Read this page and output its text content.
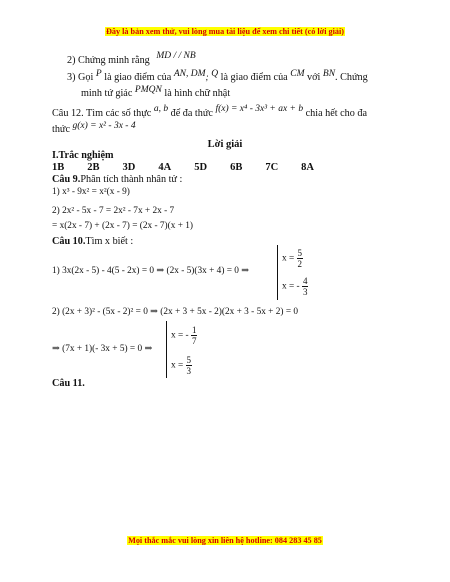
Đây là bản xem thử, vui lòng mua tài liệu để xem chi tiết (có lời giải)
2) Chứng minh rằng MD / / NB
3) Gọi P là giao điểm của AN, DM; Q là giao điểm của CM với BN. Chứng
minh tứ giác PMQN là hình chữ nhật
Câu 12. Tìm các số thực a, b để đa thức f(x) = x⁴ - 3x³ + ax + b chia hết cho đa
thức g(x) = x² - 3x - 4
Lời giải
I.Trắc nghiệm
1B 2B 3D 4A 5D 6B 7C 8A
Câu 9.Phân tích thành nhân tử :
1) x³ - 9x² = x²(x - 9)
2) 2x² - 5x - 7 = 2x² - 7x + 2x - 7
= x(2x - 7) + (2x - 7) = (2x - 7)(x + 1)
Câu 10.Tìm x biết :
1) 3x(2x - 5) - 4(5 - 2x) = 0 ⇒ (2x - 5)(3x + 4) = 0 ⇒
$x = \frac{5}{2}$
x = - $\frac{4}{3}$
2) (2x + 3)² - (5x - 2)² = 0 ⇒ (2x + 3 + 5x - 2)(2x + 3 - 5x + 2) = 0
⇒ (7x + 1)(- 3x + 5) = 0 ⇒
x = - $\frac{1}{7}$
$x = \frac{5}{3}$
Câu 11.
Mọi thắc mắc vui lòng xin liên hệ hotline: 084 283 45 85
